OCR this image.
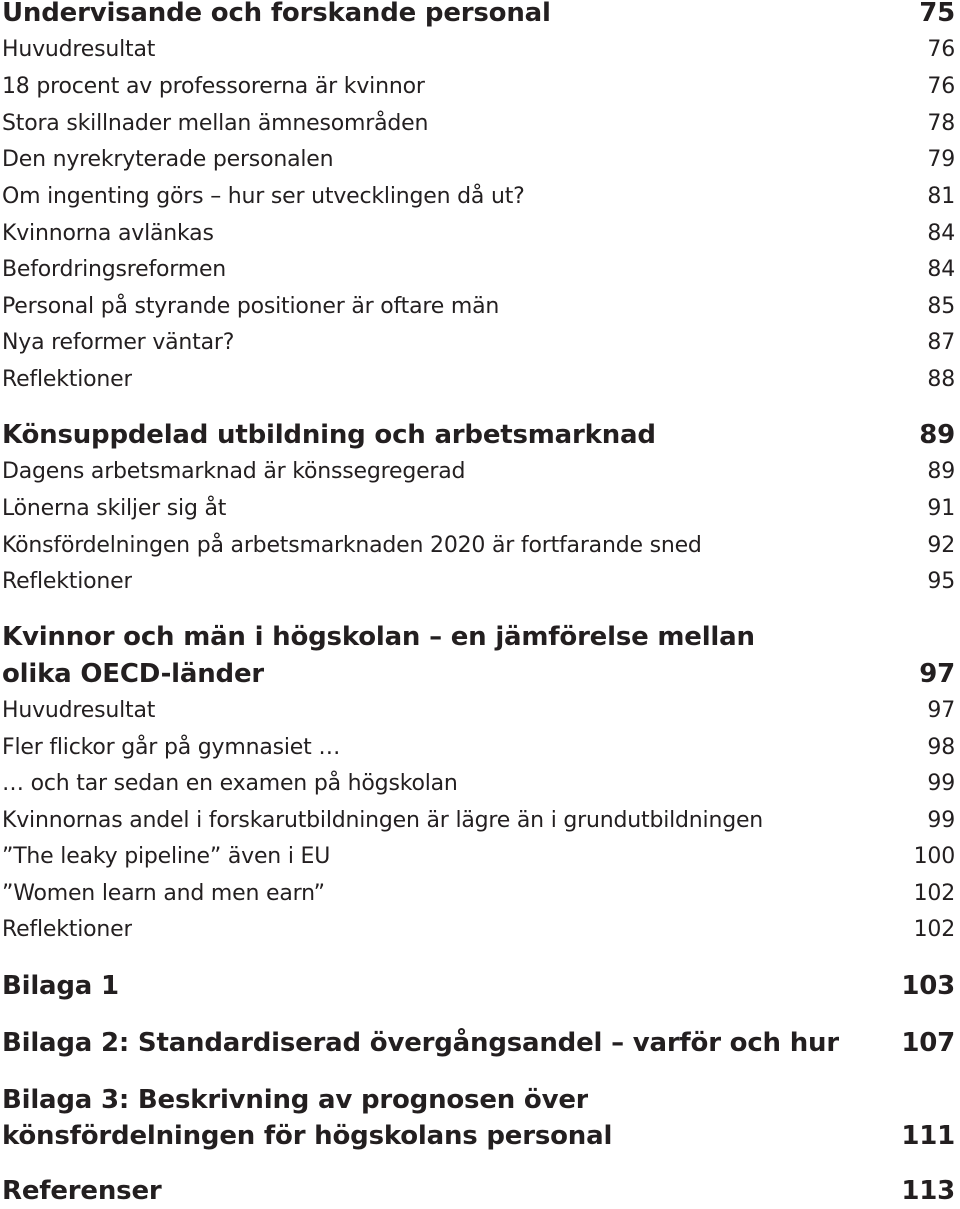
Undervisande och forskande personal	75
Huvudresultat	76
18 procent av professorerna är kvinnor	76
Stora skillnader mellan ämnesområden	78
Den nyrekryterade personalen	79
Om ingenting görs – hur ser utvecklingen då ut?	81
Kvinnorna avlänkas	84
Befordringsreformen	84
Personal på styrande positioner är oftare män	85
Nya reformer väntar?	87
Reflektioner	88
Könsuppdelad utbildning och arbetsmarknad	89
Dagens arbetsmarknad är könssegregerad	89
Lönerna skiljer sig åt	91
Könsfördelningen på arbetsmarknaden 2020 är fortfarande sned	92
Reflektioner	95
Kvinnor och män i högskolan – en jämförelse mellan
olika OECD-länder	97
Huvudresultat	97
Fler flickor går på gymnasiet …	98
… och tar sedan en examen på högskolan	99
Kvinnornas andel i forskarutbildningen är lägre än i grundutbildningen	99
”The leaky pipeline” även i EU	100
”Women learn and men earn”	102
Reflektioner	102
Bilaga 1	103
Bilaga 2: Standardiserad övergångsandel – varför och hur	107
Bilaga 3: Beskrivning av prognosen över
könsfördelningen för högskolans personal	111
Referenser	113
